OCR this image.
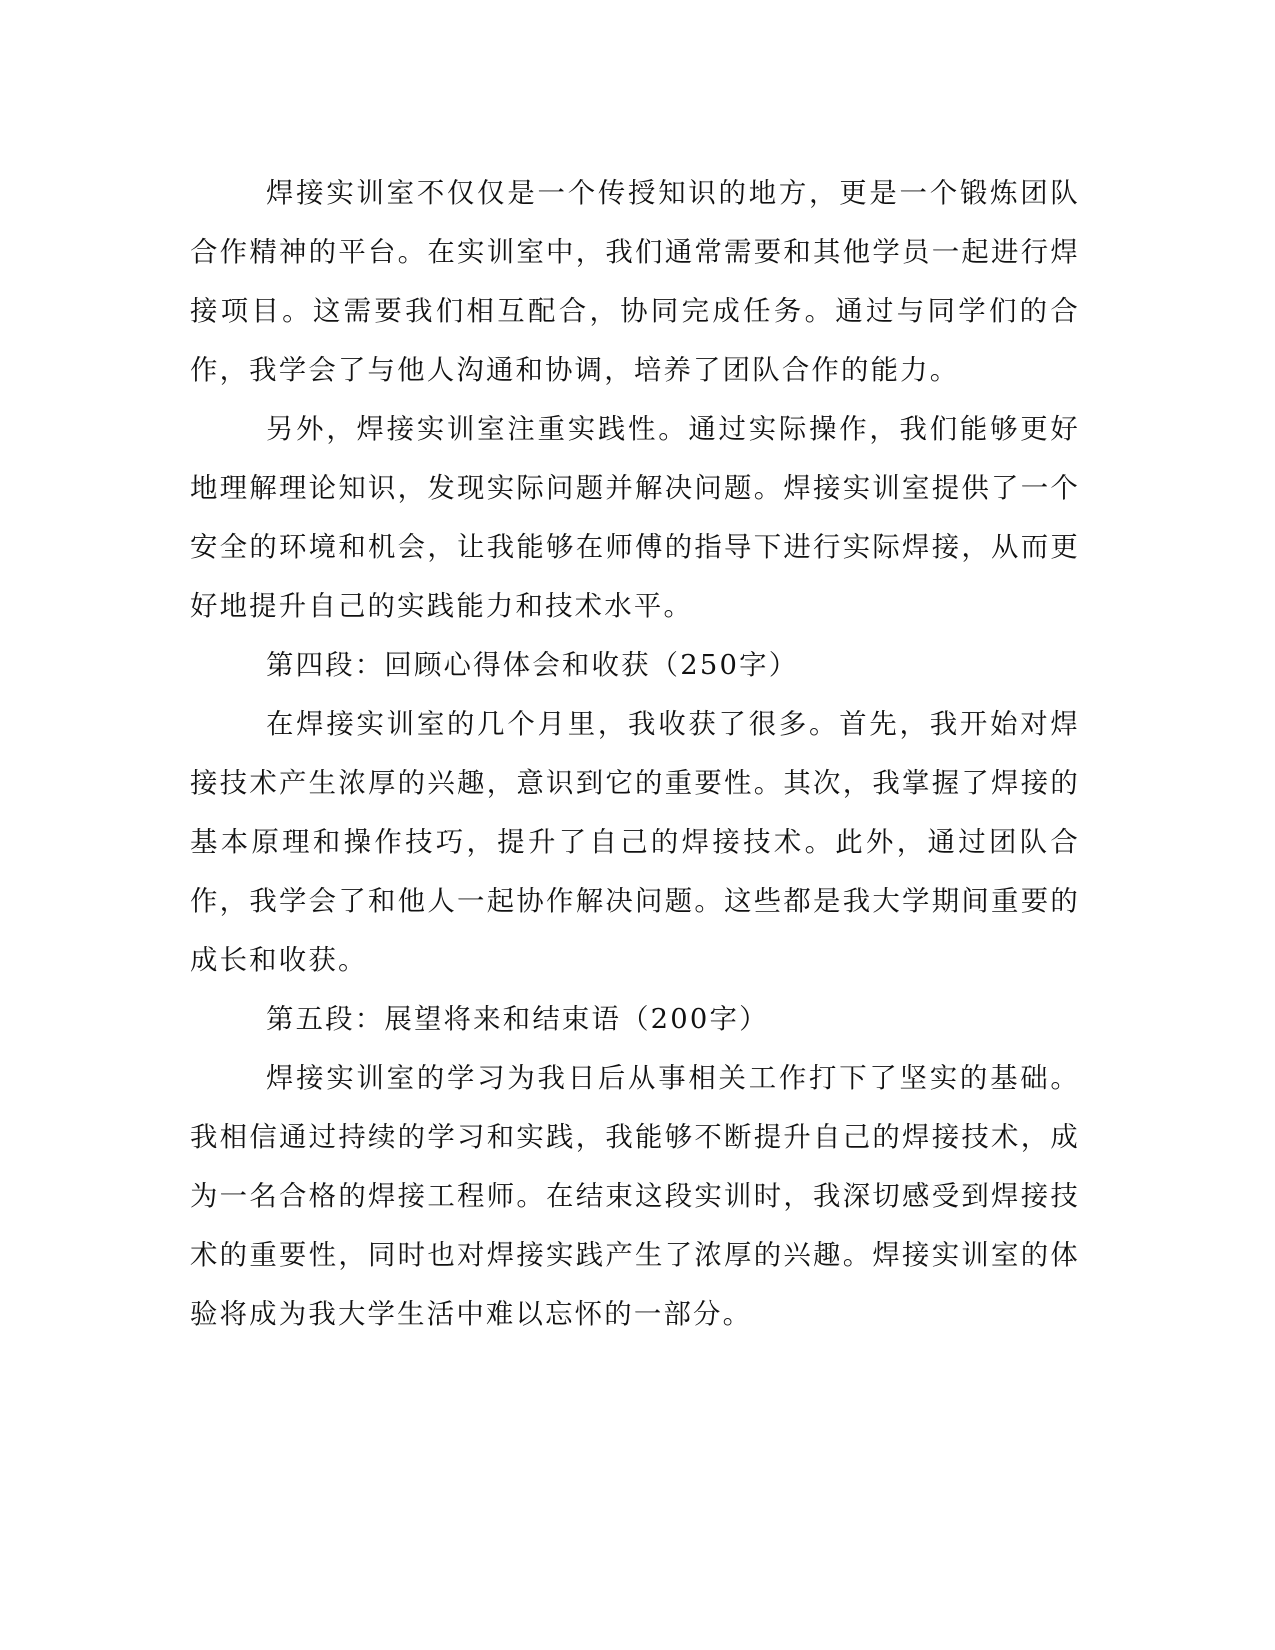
焊接实训室不仅仅是一个传授知识的地方，更是一个锻炼团队合作精神的平台。在实训室中，我们通常需要和其他学员一起进行焊接项目。这需要我们相互配合，协同完成任务。通过与同学们的合作，我学会了与他人沟通和协调，培养了团队合作的能力。

另外，焊接实训室注重实践性。通过实际操作，我们能够更好地理解理论知识，发现实际问题并解决问题。焊接实训室提供了一个安全的环境和机会，让我能够在师傅的指导下进行实际焊接，从而更好地提升自己的实践能力和技术水平。

第四段：回顾心得体会和收获（250字）

在焊接实训室的几个月里，我收获了很多。首先，我开始对焊接技术产生浓厚的兴趣，意识到它的重要性。其次，我掌握了焊接的基本原理和操作技巧，提升了自己的焊接技术。此外，通过团队合作，我学会了和他人一起协作解决问题。这些都是我大学期间重要的成长和收获。

第五段：展望将来和结束语（200字）

焊接实训室的学习为我日后从事相关工作打下了坚实的基础。我相信通过持续的学习和实践，我能够不断提升自己的焊接技术，成为一名合格的焊接工程师。在结束这段实训时，我深切感受到焊接技术的重要性，同时也对焊接实践产生了浓厚的兴趣。焊接实训室的体验将成为我大学生活中难以忘怀的一部分。
